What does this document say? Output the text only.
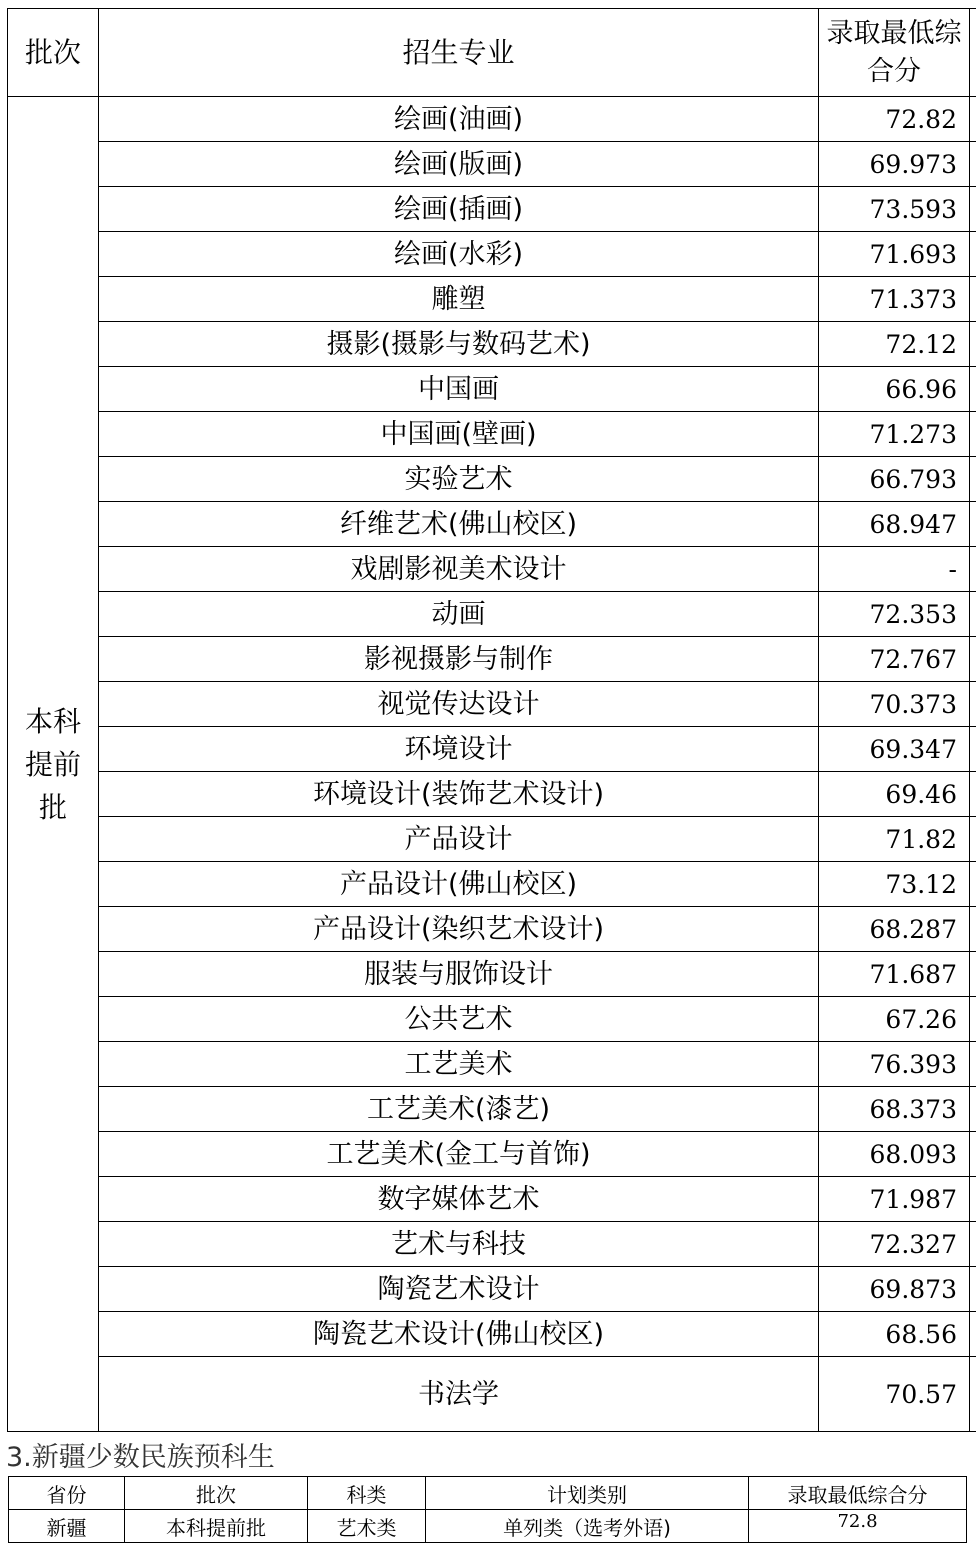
批次	招生专业	录取最低综合分	
本科提前批	绘画(油画)	72.82	
	绘画(版画)	69.973	
	绘画(插画)	73.593	
	绘画(水彩)	71.693	
	雕塑	71.373	
	摄影(摄影与数码艺术)	72.12	
	中国画	66.96	
	中国画(壁画)	71.273	
	实验艺术	66.793	
	纤维艺术(佛山校区)	68.947	
	戏剧影视美术设计	-	
	动画	72.353	
	影视摄影与制作	72.767	
	视觉传达设计	70.373	
	环境设计	69.347	
	环境设计(装饰艺术设计)	69.46	
	产品设计	71.82	
	产品设计(佛山校区)	73.12	
	产品设计(染织艺术设计)	68.287	
	服装与服饰设计	71.687	
	公共艺术	67.26	
	工艺美术	76.393	
	工艺美术(漆艺)	68.373	
	工艺美术(金工与首饰)	68.093	
	数字媒体艺术	71.987	
	艺术与科技	72.327	
	陶瓷艺术设计	69.873	
	陶瓷艺术设计(佛山校区)	68.56	
	书法学	70.57	
3.新疆少数民族预科生
省份	批次	科类	计划类别	录取最低综合分
新疆	本科提前批	艺术类	单列类（选考外语)	72.8
